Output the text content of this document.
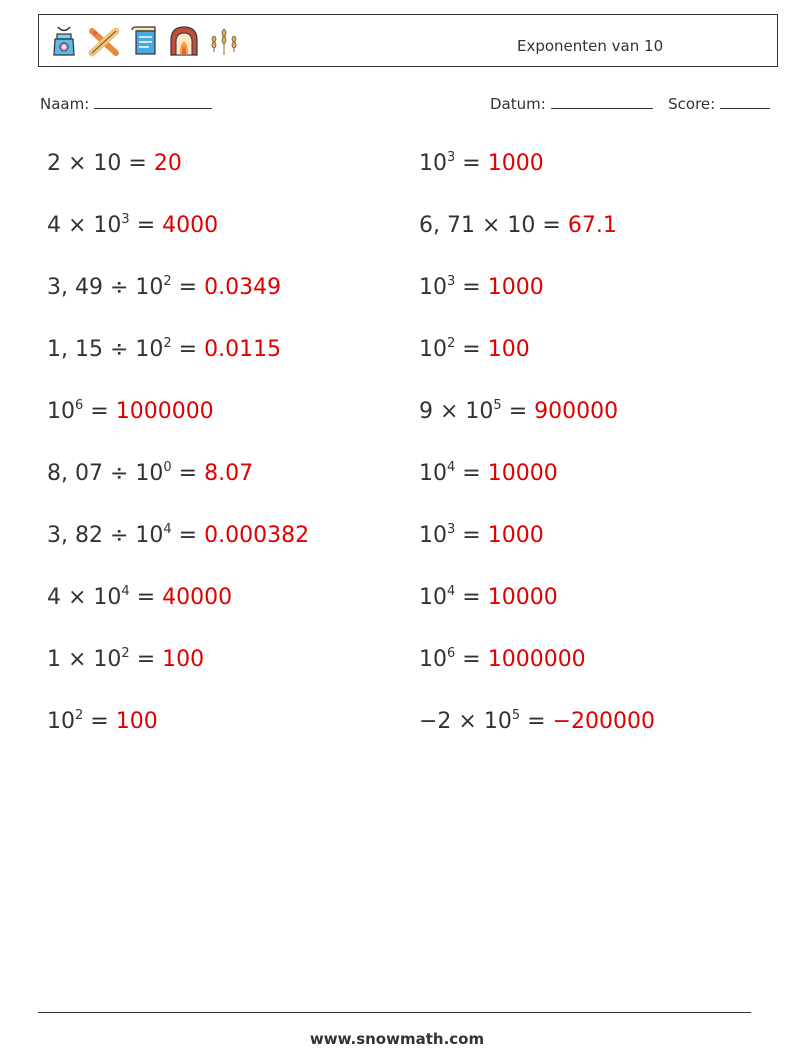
Exponenten van 10
Naam:	Datum:	Score:
2 × 10 = 20	$10^3 = 1000$
$4 \times 10^3 = 4000$	6, 71 × 10 = 67.1
3, $49 \div 10^2 = 0.0349$	$10^3 = 1000$
1, $15 \div 10^2 = 0.0115$	$10^2 = 100$
$10^6 = 1000000$	$9 \times 10^5 = 900000$
8, $07 \div 10^0 = 8.07$	$10^4 = 10000$
3, $82 \div 10^4 = 0.000382$	$10^3 = 1000$
$4 \times 10^4 = 40000$	$10^4 = 10000$
$1 \times 10^2 = 100$	$10^6 = 1000000$
$10^2 = 100$	$-2 \times 10^5 = -200000$
www.snowmath.com
